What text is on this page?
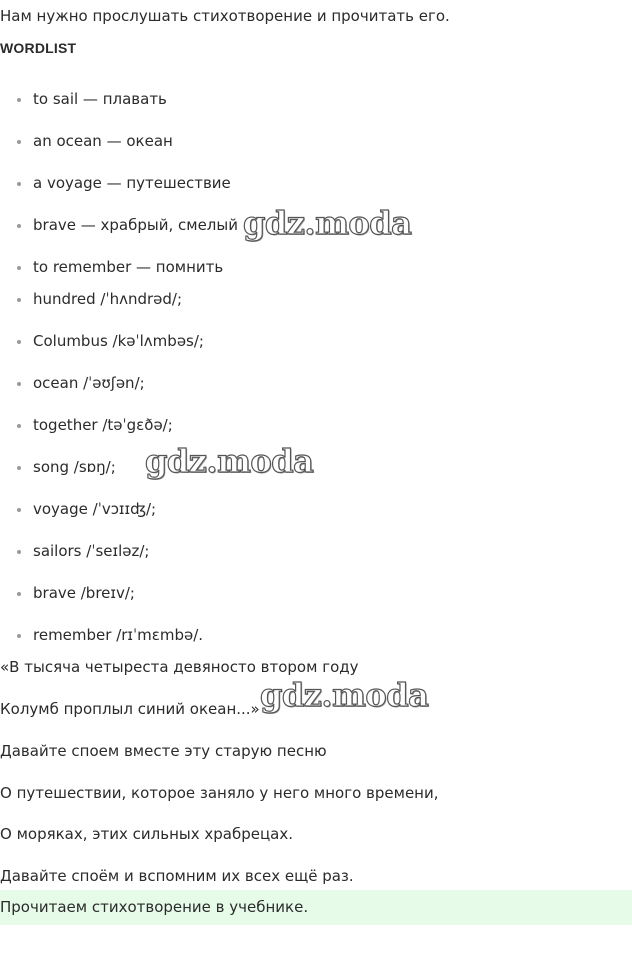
Нам нужно прослушать стихотворение и прочитать его.
WORDLIST
to sail — плавать
an ocean — океан
a voyage — путешествие
brave — храбрый, смелый
to remember — помнить
hundred /ˈhʌndrəd/;
Columbus /kəˈlʌmbəs/;
ocean /ˈəʊʃən/;
together /təˈgɛðə/;
song /sɒŋ/;
voyage /ˈvɔɪɪʤ/;
sailors /ˈseɪləz/;
brave /breɪv/;
remember /rɪˈmɛmbə/.
«В тысяча четыреста девяносто втором году
Колумб проплыл синий океан...»
Давайте споем вместе эту старую песню
О путешествии, которое заняло у него много времени,
О моряках, этих сильных храбрецах.
Давайте споём и вспомним их всех ещё раз.
Прочитаем стихотворение в учебнике.
gdz.moda
gdz.moda
gdz.moda
